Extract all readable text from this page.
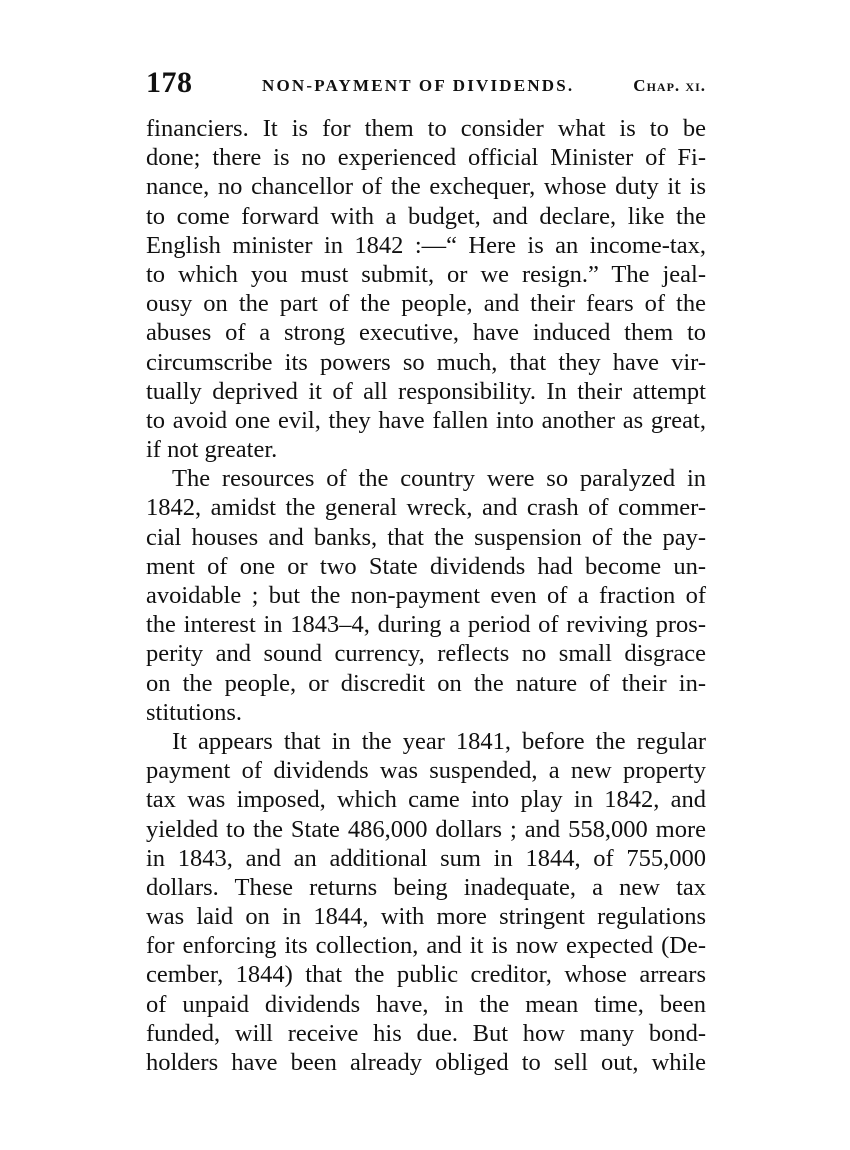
178	NON-PAYMENT OF DIVIDENDS.	Chap. xi.
financiers. It is for them to consider what is to be
done; there is no experienced official Minister of Fi-
nance, no chancellor of the exchequer, whose duty it is
to come forward with a budget, and declare, like the
English minister in 1842 :—“ Here is an income-tax,
to which you must submit, or we resign.” The jeal-
ousy on the part of the people, and their fears of the
abuses of a strong executive, have induced them to
circumscribe its powers so much, that they have vir-
tually deprived it of all responsibility. In their attempt
to avoid one evil, they have fallen into another as great,
if not greater.
The resources of the country were so paralyzed in
1842, amidst the general wreck, and crash of commer-
cial houses and banks, that the suspension of the pay-
ment of one or two State dividends had become un-
avoidable ; but the non-payment even of a fraction of
the interest in 1843–4, during a period of reviving pros-
perity and sound currency, reflects no small disgrace
on the people, or discredit on the nature of their in-
stitutions.
It appears that in the year 1841, before the regular
payment of dividends was suspended, a new property
tax was imposed, which came into play in 1842, and
yielded to the State 486,000 dollars ; and 558,000 more
in 1843, and an additional sum in 1844, of 755,000
dollars. These returns being inadequate, a new tax
was laid on in 1844, with more stringent regulations
for enforcing its collection, and it is now expected (De-
cember, 1844) that the public creditor, whose arrears
of unpaid dividends have, in the mean time, been
funded, will receive his due. But how many bond-
holders have been already obliged to sell out, while
